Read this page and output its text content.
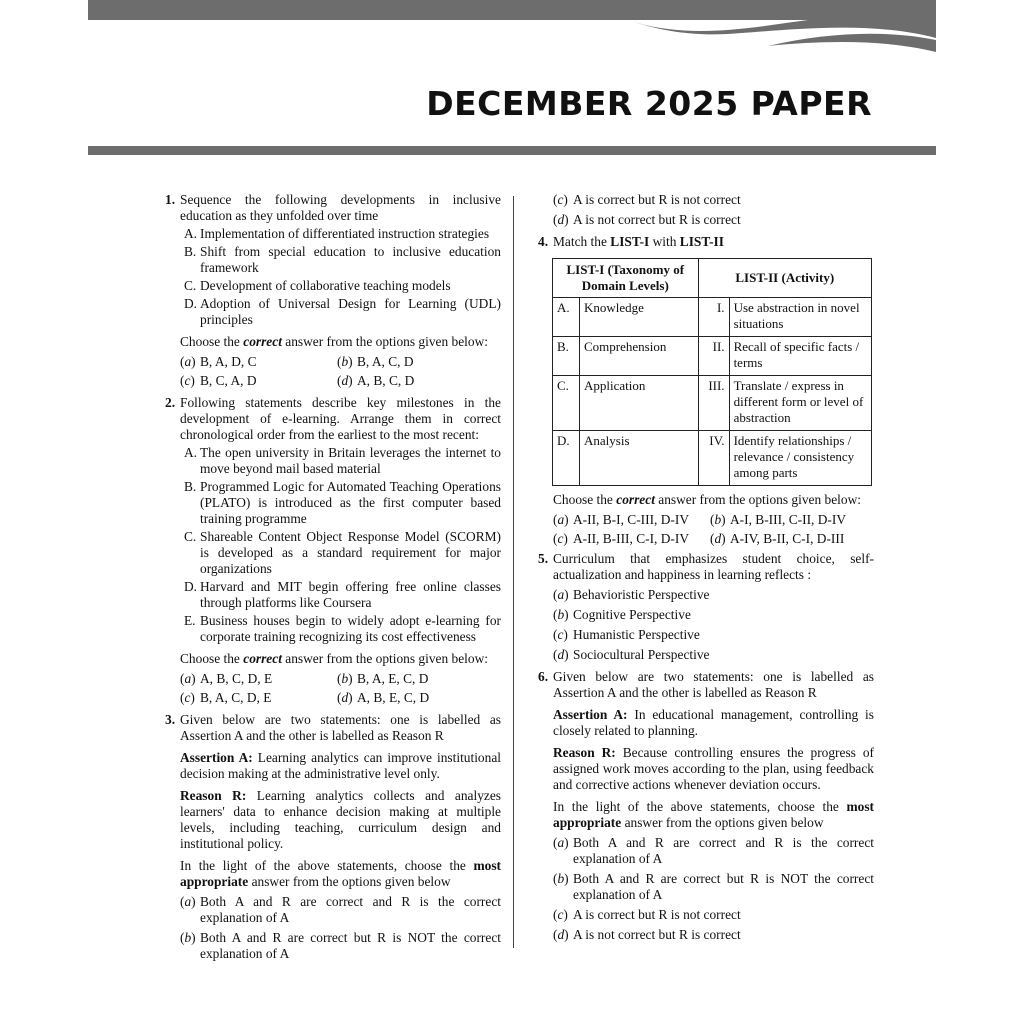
DECEMBER 2025 PAPER
1. Sequence the following developments in inclusive education as they unfolded over time
A. Implementation of differentiated instruction strategies
B. Shift from special education to inclusive education framework
C. Development of collaborative teaching models
D. Adoption of Universal Design for Learning (UDL) principles
Choose the correct answer from the options given below:
(a) B, A, D, C	(b) B, A, C, D
(c) B, C, A, D	(d) A, B, C, D
2. Following statements describe key milestones in the development of e-learning. Arrange them in correct chronological order from the earliest to the most recent:
A. The open university in Britain leverages the internet to move beyond mail based material
B. Programmed Logic for Automated Teaching Operations (PLATO) is introduced as the first computer based training programme
C. Shareable Content Object Response Model (SCORM) is developed as a standard requirement for major organizations
D. Harvard and MIT begin offering free online classes through platforms like Coursera
E. Business houses begin to widely adopt e-learning for corporate training recognizing its cost effectiveness
Choose the correct answer from the options given below:
(a) A, B, C, D, E	(b) B, A, E, C, D
(c) B, A, C, D, E	(d) A, B, E, C, D
3. Given below are two statements: one is labelled as Assertion A and the other is labelled as Reason R
Assertion A: Learning analytics can improve institutional decision making at the administrative level only.
Reason R: Learning analytics collects and analyzes learners' data to enhance decision making at multiple levels, including teaching, curriculum design and institutional policy.
In the light of the above statements, choose the most appropriate answer from the options given below
(a) Both A and R are correct and R is the correct explanation of A
(b) Both A and R are correct but R is NOT the correct explanation of A
(c) A is correct but R is not correct
(d) A is not correct but R is correct
4. Match the LIST-I with LIST-II
LIST-I (Taxonomy of Domain Levels)		LIST-II (Activity)	
A.	Knowledge	I.	Use abstraction in novel situations
B.	Comprehension	II.	Recall of specific facts / terms
C.	Application	III.	Translate / express in different form or level of abstraction
D.	Analysis	IV.	Identify relationships / relevance / consistency among parts
Choose the correct answer from the options given below:
(a) A-II, B-I, C-III, D-IV	(b) A-I, B-III, C-II, D-IV
(c) A-II, B-III, C-I, D-IV	(d) A-IV, B-II, C-I, D-III
5. Curriculum that emphasizes student choice, self-actualization and happiness in learning reflects :
(a) Behavioristic Perspective
(b) Cognitive Perspective
(c) Humanistic Perspective
(d) Sociocultural Perspective
6. Given below are two statements: one is labelled as Assertion A and the other is labelled as Reason R
Assertion A: In educational management, controlling is closely related to planning.
Reason R: Because controlling ensures the progress of assigned work moves according to the plan, using feedback and corrective actions whenever deviation occurs.
In the light of the above statements, choose the most appropriate answer from the options given below
(a) Both A and R are correct and R is the correct explanation of A
(b) Both A and R are correct but R is NOT the correct explanation of A
(c) A is correct but R is not correct
(d) A is not correct but R is correct
